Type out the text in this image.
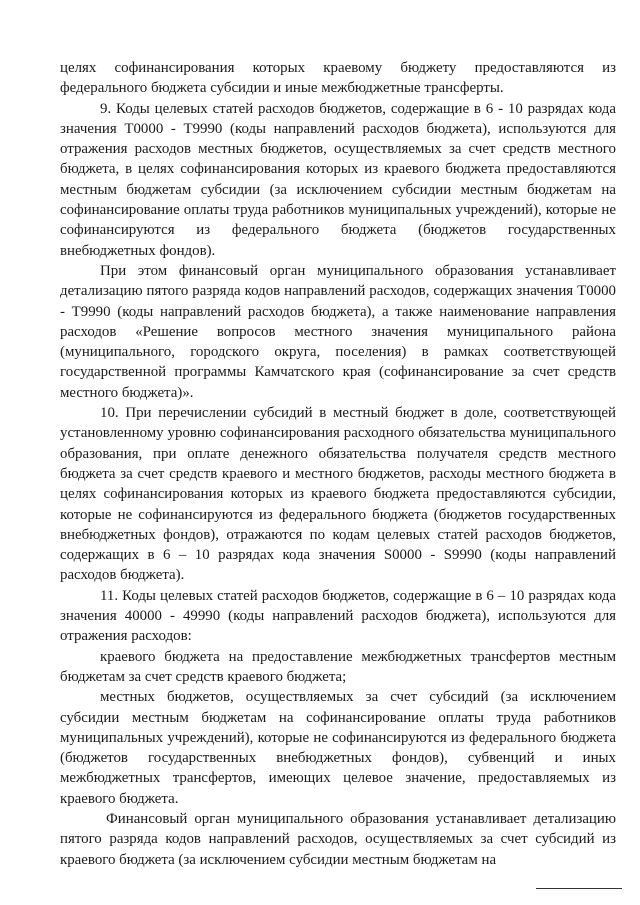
целях софинансирования которых краевому бюджету предоставляются из федерального бюджета субсидии и иные межбюджетные трансферты.

9. Коды целевых статей расходов бюджетов, содержащие в 6 - 10 разрядах кода значения Т0000 - Т9990 (коды направлений расходов бюджета), используются для отражения расходов местных бюджетов, осуществляемых за счет средств местного бюджета, в целях софинансирования которых из краевого бюджета предоставляются местным бюджетам субсидии (за исключением субсидии местным бюджетам на софинансирование оплаты труда работников муниципальных учреждений), которые не софинансируются из федерального бюджета (бюджетов государственных внебюджетных фондов).

При этом финансовый орган муниципального образования устанавливает детализацию пятого разряда кодов направлений расходов, содержащих значения Т0000 - Т9990 (коды направлений расходов бюджета), а также наименование направления расходов «Решение вопросов местного значения муниципального района (муниципального, городского округа, поселения) в рамках соответствующей государственной программы Камчатского края (софинансирование за счет средств местного бюджета)».

10. При перечислении субсидий в местный бюджет в доле, соответствующей установленному уровню софинансирования расходного обязательства муниципального образования, при оплате денежного обязательства получателя средств местного бюджета за счет средств краевого и местного бюджетов, расходы местного бюджета в целях софинансирования которых из краевого бюджета предоставляются субсидии, которые не софинансируются из федерального бюджета (бюджетов государственных внебюджетных фондов), отражаются по кодам целевых статей расходов бюджетов, содержащих в 6 – 10 разрядах кода значения S0000 - S9990 (коды направлений расходов бюджета).

11. Коды целевых статей расходов бюджетов, содержащие в 6 – 10 разрядах кода значения 40000 - 49990 (коды направлений расходов бюджета), используются для отражения расходов:

краевого бюджета на предоставление межбюджетных трансфертов местным бюджетам за счет средств краевого бюджета;

местных бюджетов, осуществляемых за счет субсидий (за исключением субсидии местным бюджетам на софинансирование оплаты труда работников муниципальных учреждений), которые не софинансируются из федерального бюджета (бюджетов государственных внебюджетных фондов), субвенций и иных межбюджетных трансфертов, имеющих целевое значение, предоставляемых из краевого бюджета.

Финансовый орган муниципального образования устанавливает детализацию пятого разряда кодов направлений расходов, осуществляемых за счет субсидий из краевого бюджета (за исключением субсидии местным бюджетам на
